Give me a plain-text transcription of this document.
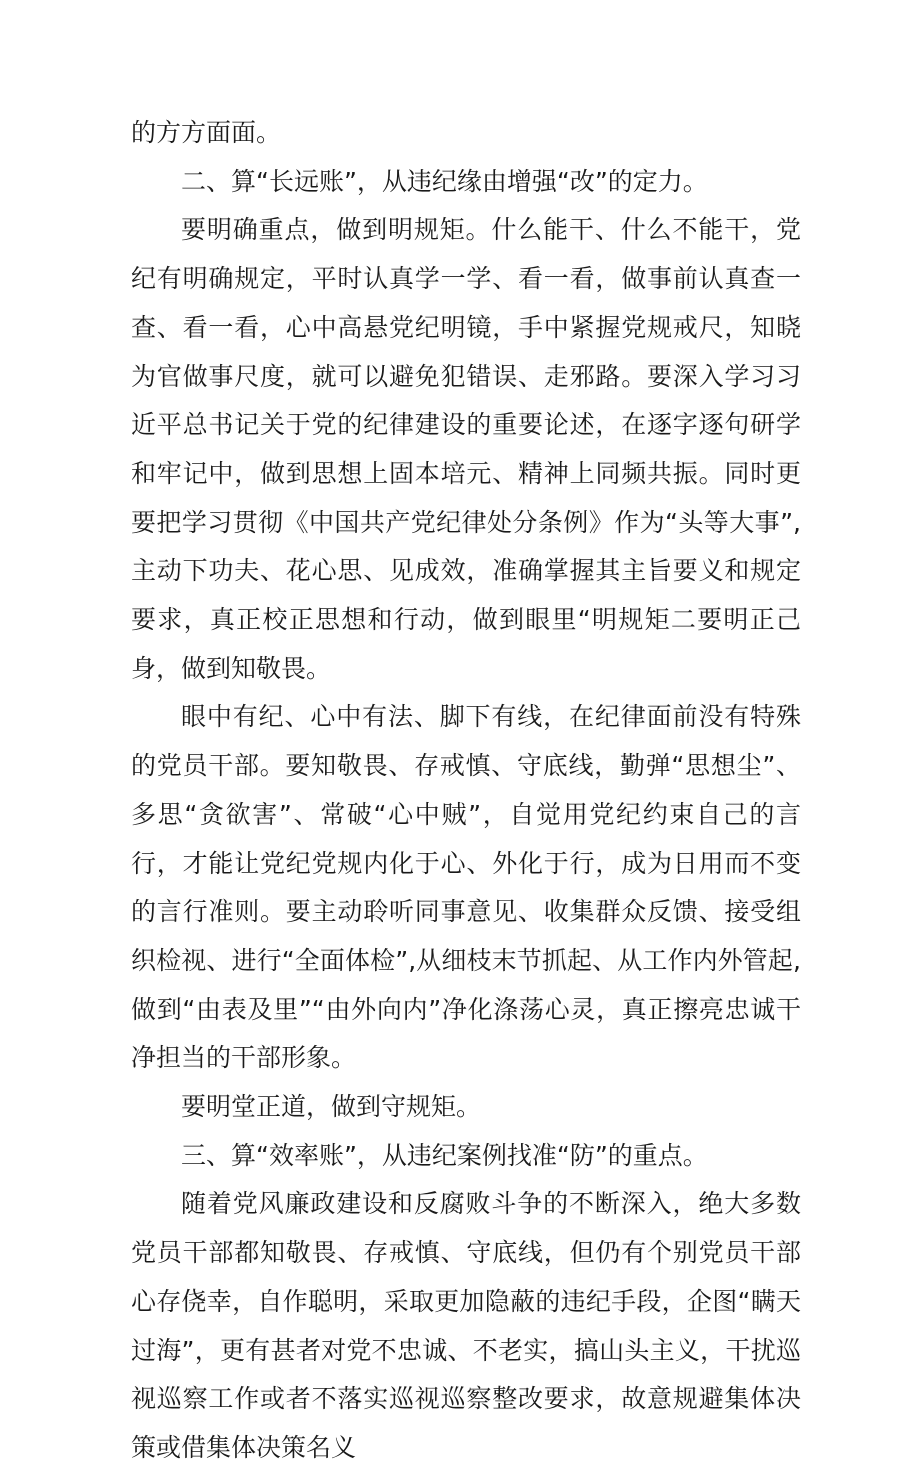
的方方面面。

二、算“长远账”，从违纪缘由增强“改”的定力。

要明确重点，做到明规矩。什么能干、什么不能干，党纪有明确规定，平时认真学一学、看一看，做事前认真查一查、看一看，心中高悬党纪明镜，手中紧握党规戒尺，知晓为官做事尺度，就可以避免犯错误、走邪路。要深入学习习近平总书记关于党的纪律建设的重要论述，在逐字逐句研学和牢记中，做到思想上固本培元、精神上同频共振。同时更要把学习贯彻《中国共产党纪律处分条例》作为“头等大事”,主动下功夫、花心思、见成效，准确掌握其主旨要义和规定要求，真正校正思想和行动，做到眼里“明规矩二要明正己身，做到知敬畏。

眼中有纪、心中有法、脚下有线，在纪律面前没有特殊的党员干部。要知敬畏、存戒慎、守底线，勤弹“思想尘”、多思“贪欲害”、常破“心中贼”，自觉用党纪约束自己的言行，才能让党纪党规内化于心、外化于行，成为日用而不变的言行准则。要主动聆听同事意见、收集群众反馈、接受组织检视、进行“全面体检”,从细枝末节抓起、从工作内外管起,做到“由表及里”“由外向内”净化涤荡心灵，真正擦亮忠诚干净担当的干部形象。

要明堂正道，做到守规矩。

三、算“效率账”，从违纪案例找准“防”的重点。

随着党风廉政建设和反腐败斗争的不断深入，绝大多数党员干部都知敬畏、存戒慎、守底线，但仍有个别党员干部心存侥幸，自作聪明，采取更加隐蔽的违纪手段，企图“瞒天过海”，更有甚者对党不忠诚、不老实，搞山头主义，干扰巡视巡察工作或者不落实巡视巡察整改要求，故意规避集体决策或借集体决策名义
